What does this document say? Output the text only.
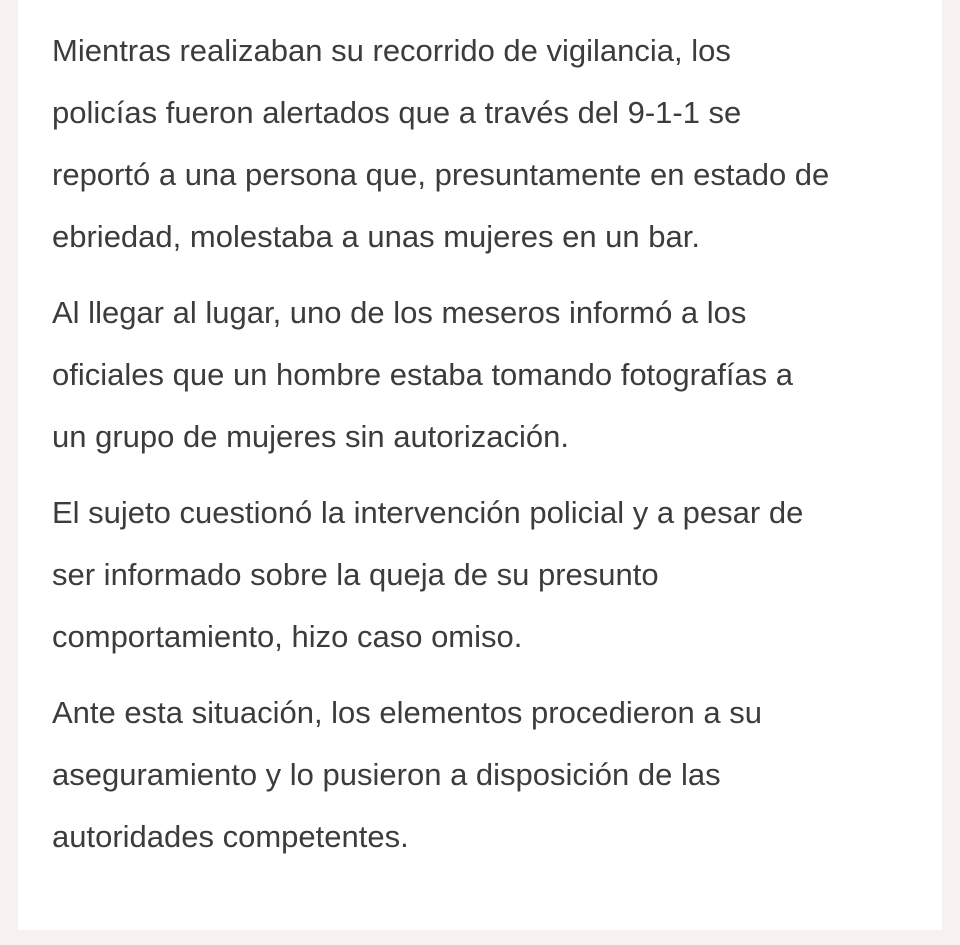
Mientras realizaban su recorrido de vigilancia, los
policías fueron alertados que a través del 9-1-1 se
reportó a una persona que, presuntamente en estado de
ebriedad, molestaba a unas mujeres en un bar.

Al llegar al lugar, uno de los meseros informó a los
oficiales que un hombre estaba tomando fotografías a
un grupo de mujeres sin autorización.

El sujeto cuestionó la intervención policial y a pesar de
ser informado sobre la queja de su presunto
comportamiento, hizo caso omiso.

Ante esta situación, los elementos procedieron a su
aseguramiento y lo pusieron a disposición de las
autoridades competentes.
